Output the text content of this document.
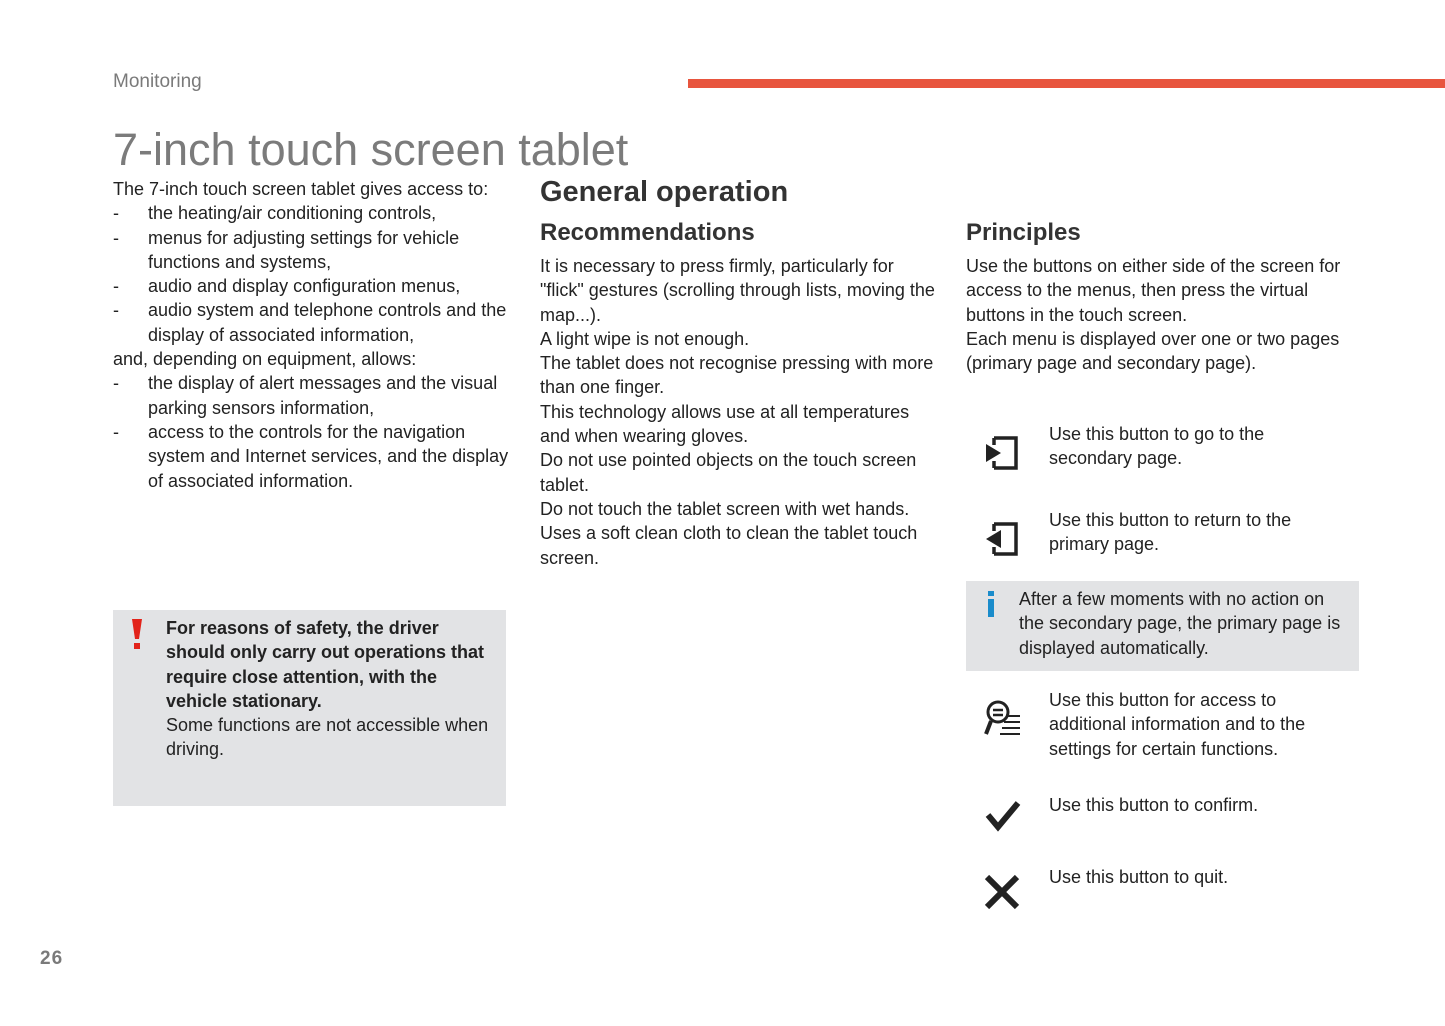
Monitoring
7-inch touch screen tablet
The 7-inch touch screen tablet gives access to:
- the heating/air conditioning controls,
- menus for adjusting settings for vehicle functions and systems,
- audio and display configuration menus,
- audio system and telephone controls and the display of associated information,
and, depending on equipment, allows:
- the display of alert messages and the visual parking sensors information,
- access to the controls for the navigation system and Internet services, and the display of associated information.
For reasons of safety, the driver should only carry out operations that require close attention, with the vehicle stationary.
Some functions are not accessible when driving.
General operation
Recommendations
It is necessary to press firmly, particularly for "flick" gestures (scrolling through lists, moving the map...).
A light wipe is not enough.
The tablet does not recognise pressing with more than one finger.
This technology allows use at all temperatures and when wearing gloves.
Do not use pointed objects on the touch screen tablet.
Do not touch the tablet screen with wet hands.
Uses a soft clean cloth to clean the tablet touch screen.
Principles
Use the buttons on either side of the screen for access to the menus, then press the virtual buttons in the touch screen.
Each menu is displayed over one or two pages (primary page and secondary page).
Use this button to go to the secondary page.
Use this button to return to the primary page.
After a few moments with no action on the secondary page, the primary page is displayed automatically.
Use this button for access to additional information and to the settings for certain functions.
Use this button to confirm.
Use this button to quit.
26
